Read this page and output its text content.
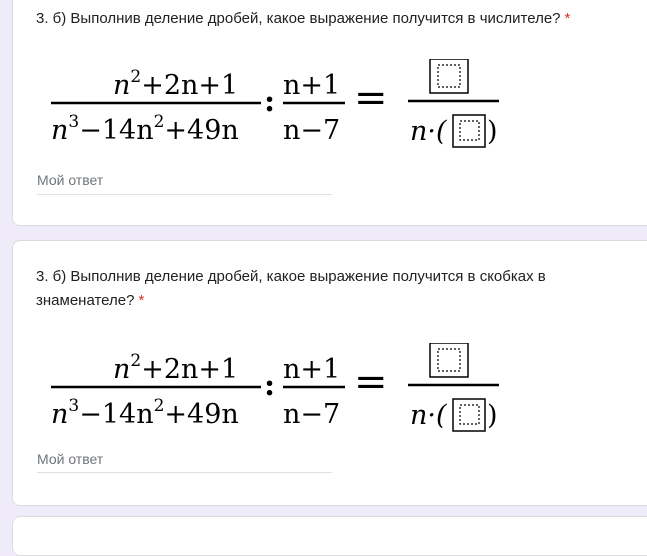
3. б) Выполнив деление дробей, какое выражение получится в числителе? *
$n^2+2n+1$
$n^3-14n^2+49n$
: n+1
n−7
=
n·( )
Мой ответ
3. б) Выполнив деление дробей, какое выражение получится в скобках в знаменателе? *
$n^2+2n+1$
$n^3-14n^2+49n$
: n+1
n−7
=
n·( )
Мой ответ
